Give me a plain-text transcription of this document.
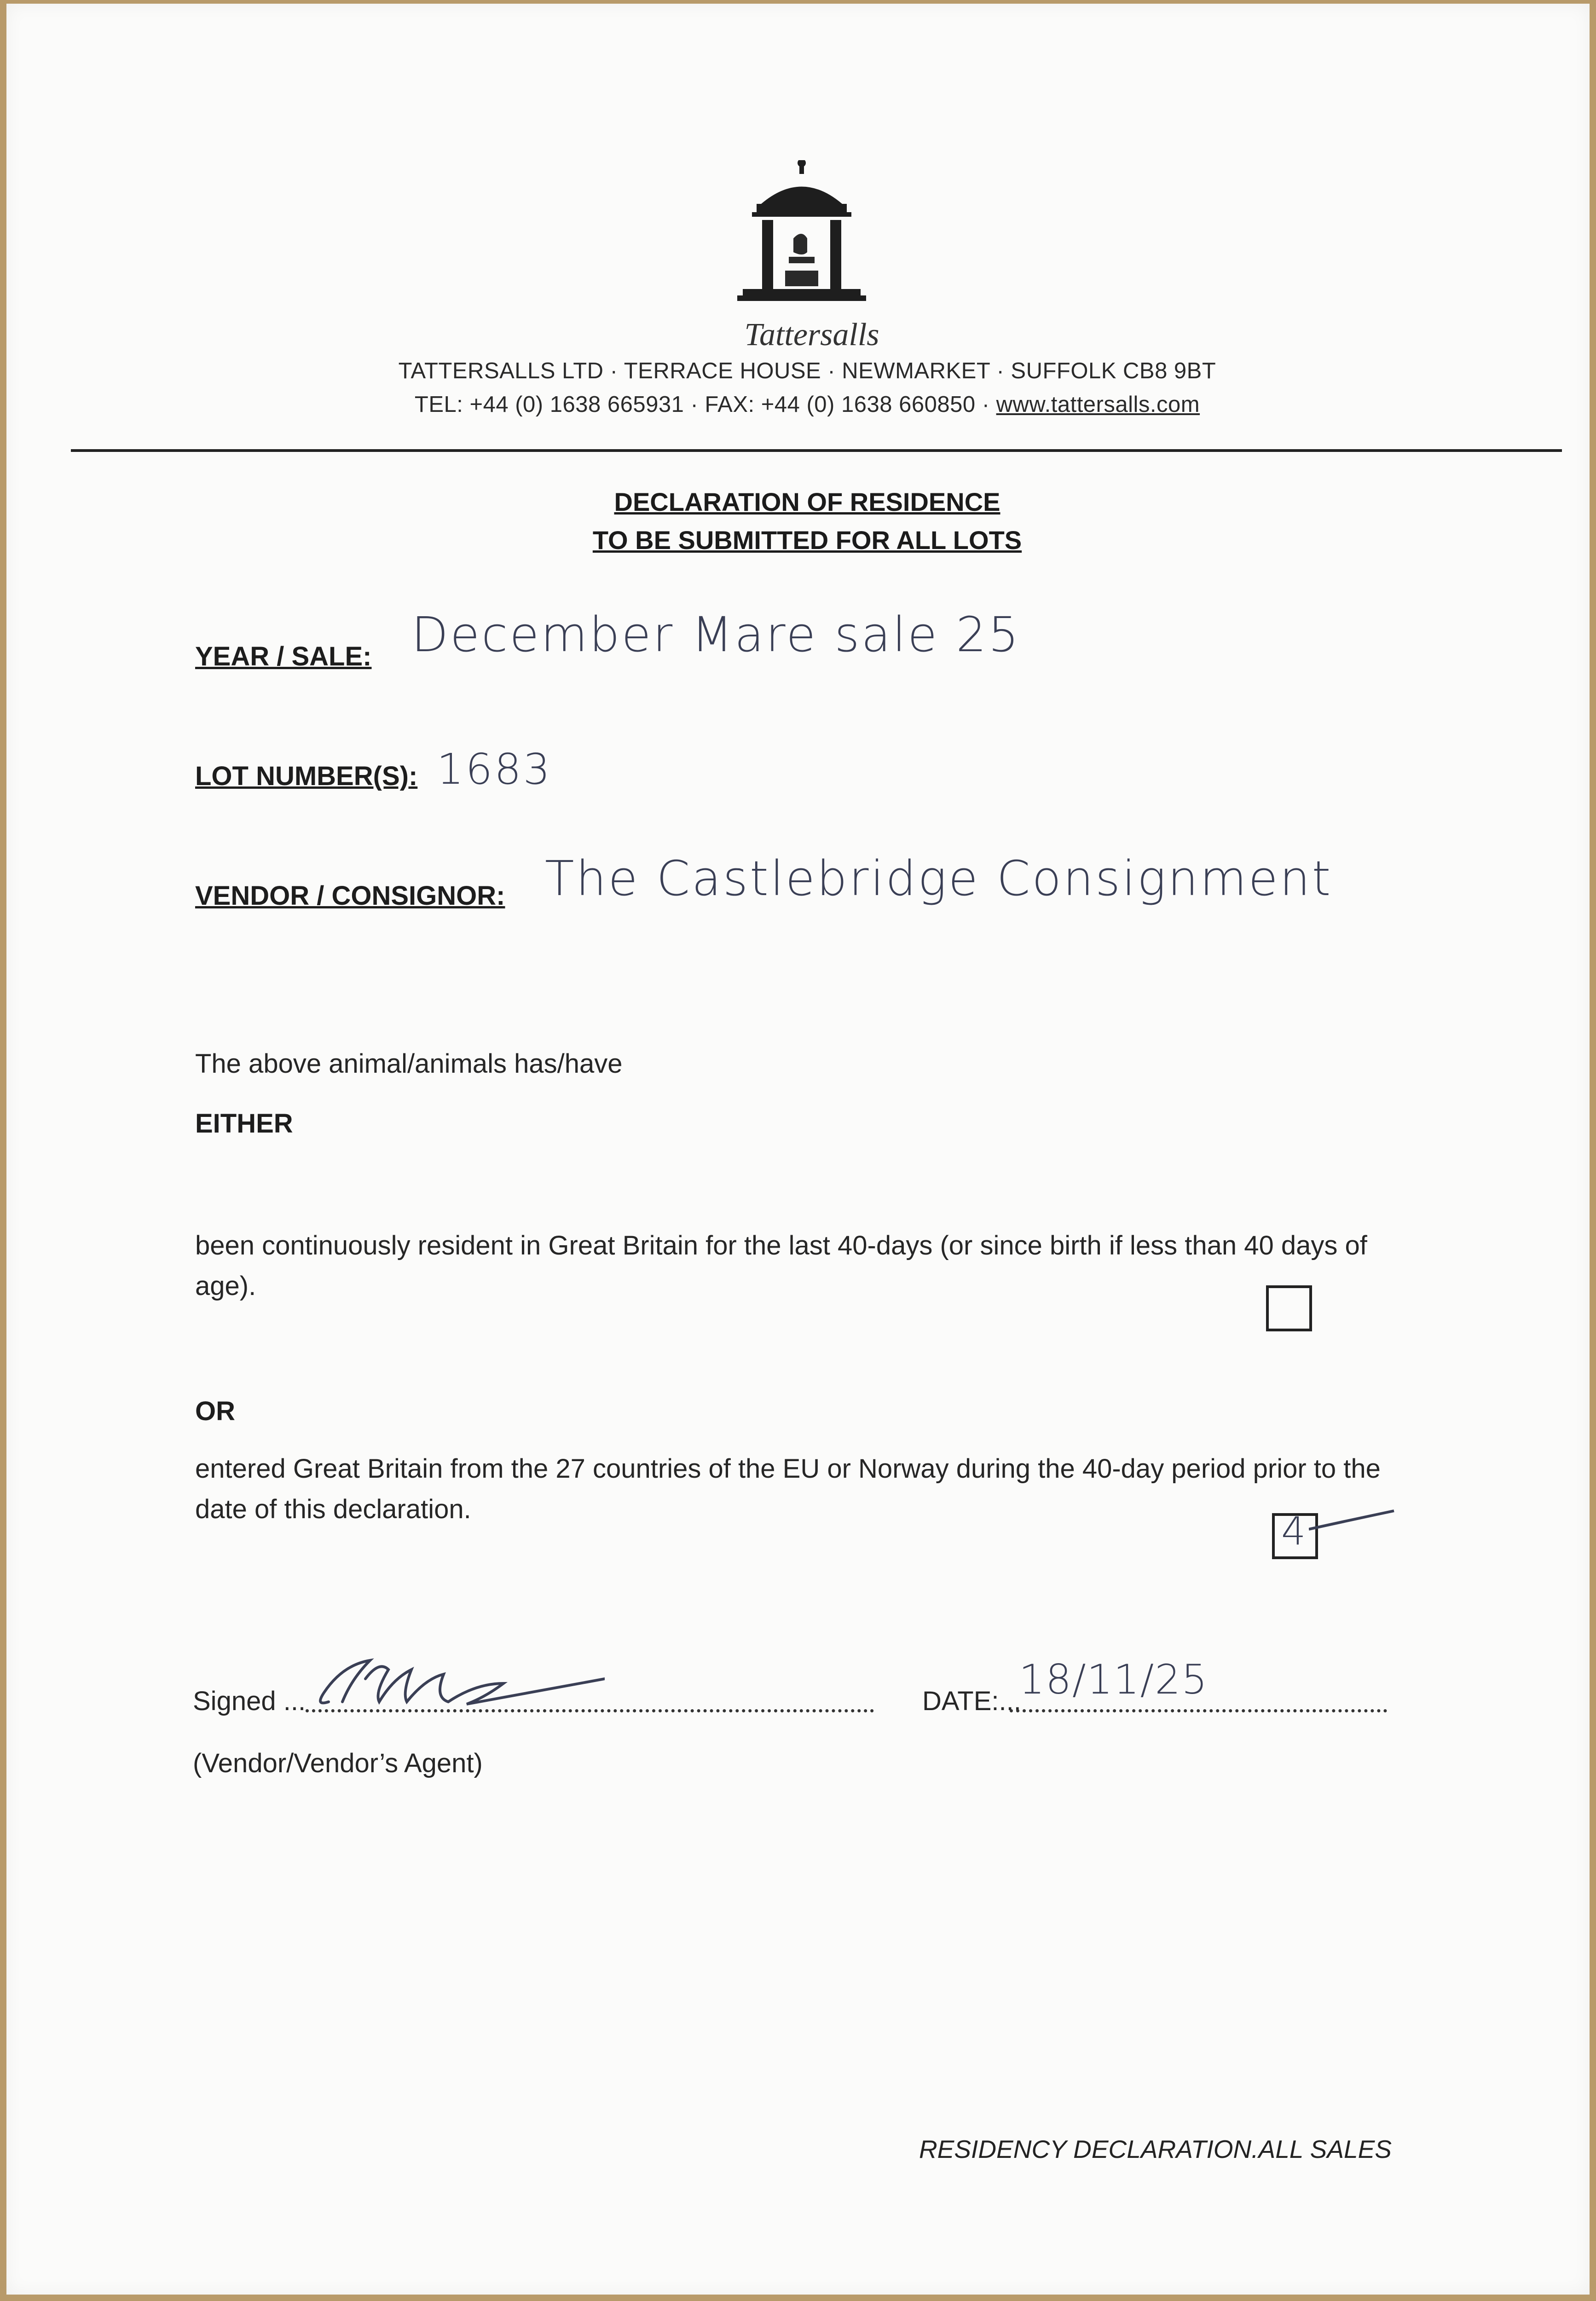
Tattersalls
TATTERSALLS LTD · TERRACE HOUSE · NEWMARKET · SUFFOLK CB8 9BT
TEL: +44 (0) 1638 665931 · FAX: +44 (0) 1638 660850 · www.tattersalls.com
DECLARATION OF RESIDENCE
TO BE SUBMITTED FOR ALL LOTS
YEAR / SALE: December Mare sale 25
LOT NUMBER(S): 1683
VENDOR / CONSIGNOR: The Castlebridge Consignment
The above animal/animals has/have
EITHER
been continuously resident in Great Britain for the last 40-days (or since birth if less than 40 days of age).
OR
entered Great Britain from the 27 countries of the EU or Norway during the 40-day period prior to the date of this declaration.	4
Signed ...	DATE:...
18/11/25
(Vendor/Vendor’s Agent)
RESIDENCY DECLARATION.ALL SALES
